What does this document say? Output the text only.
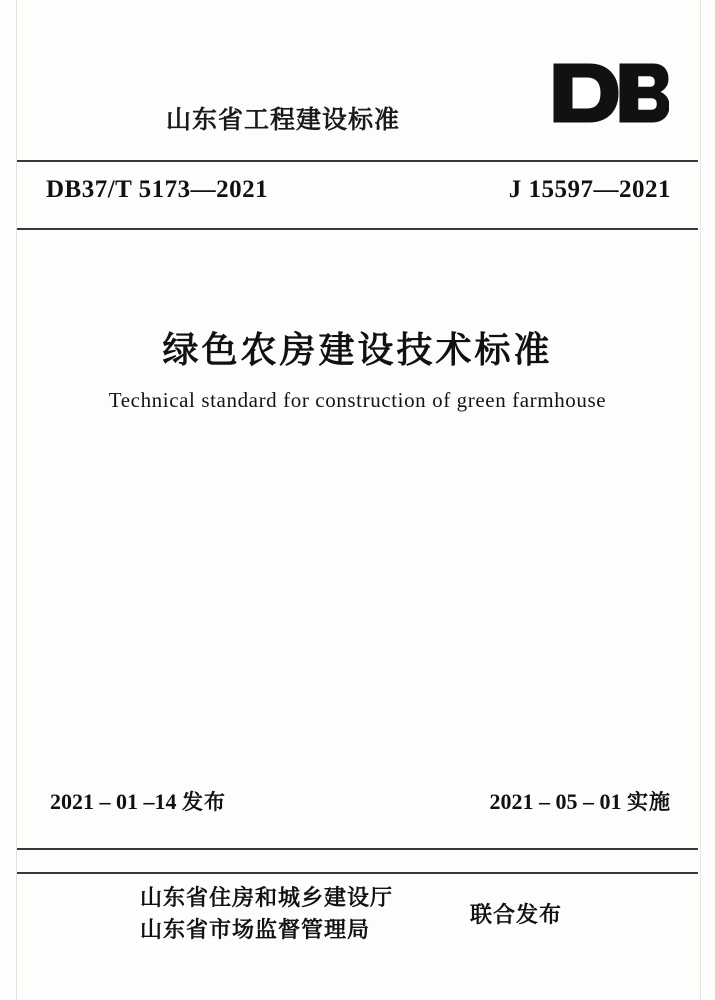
山东省工程建设标准
DB37/T 5173—2021	J 15597—2021
绿色农房建设技术标准
Technical standard for construction of green farmhouse
2021 – 01 –14 发布	2021 – 05 – 01 实施
山东省住房和城乡建设厅
山东省市场监督管理局
联合发布
